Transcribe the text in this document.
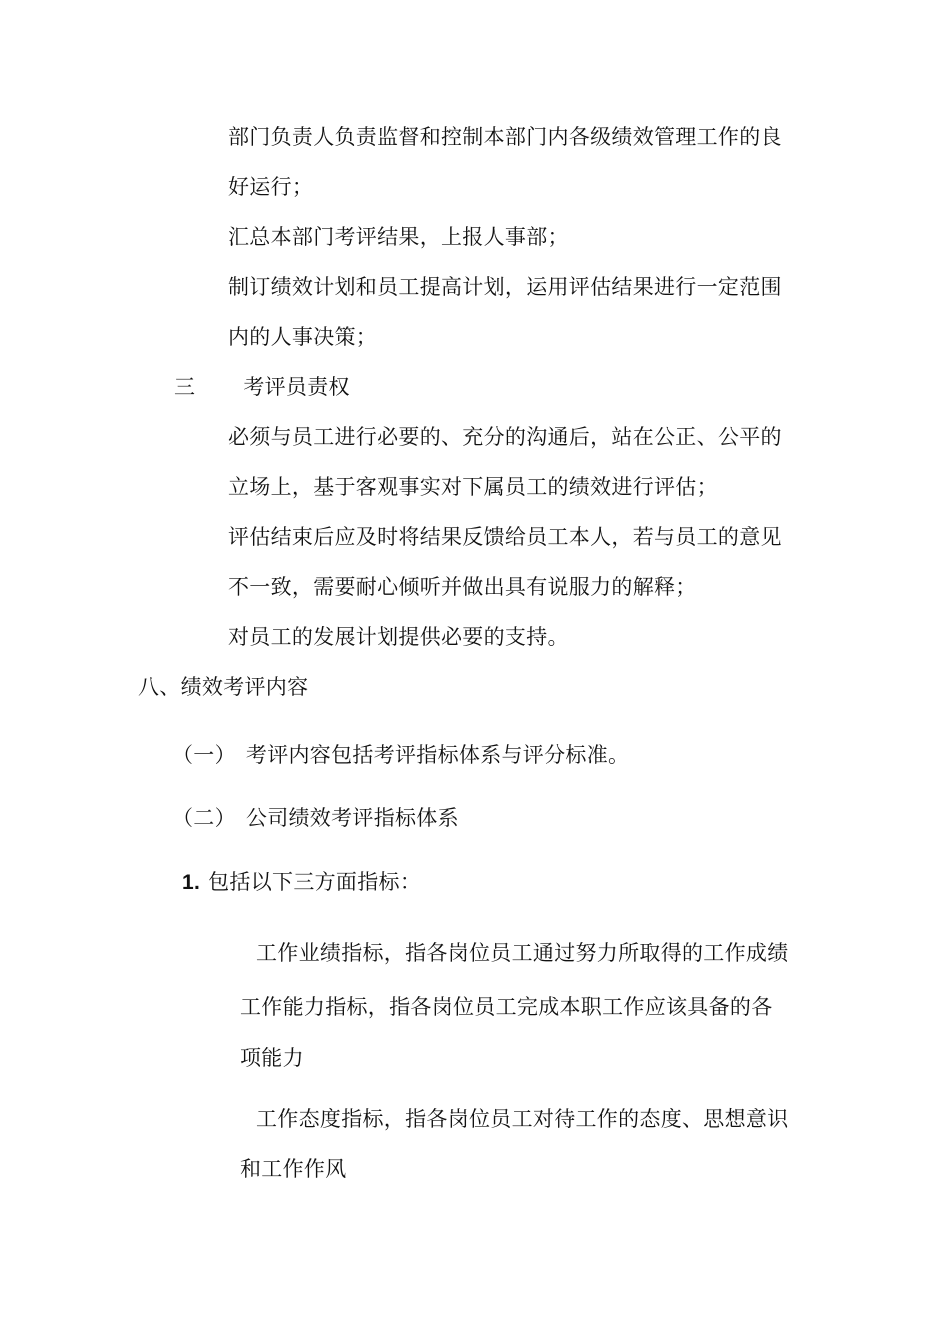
部门负责人负责监督和控制本部门内各级绩效管理工作的良
好运行；
汇总本部门考评结果，上报人事部；
制订绩效计划和员工提高计划，运用评估结果进行一定范围
内的人事决策；
三 考评员责权
必须与员工进行必要的、充分的沟通后，站在公正、公平的
立场上，基于客观事实对下属员工的绩效进行评估；
评估结束后应及时将结果反馈给员工本人，若与员工的意见
不一致，需要耐心倾听并做出具有说服力的解释；
对员工的发展计划提供必要的支持。
八、绩效考评内容
（一） 考评内容包括考评指标体系与评分标准。
（二） 公司绩效考评指标体系
1. 包括以下三方面指标：
工作业绩指标，指各岗位员工通过努力所取得的工作成绩
工作能力指标，指各岗位员工完成本职工作应该具备的各
项能力
工作态度指标，指各岗位员工对待工作的态度、思想意识
和工作作风
